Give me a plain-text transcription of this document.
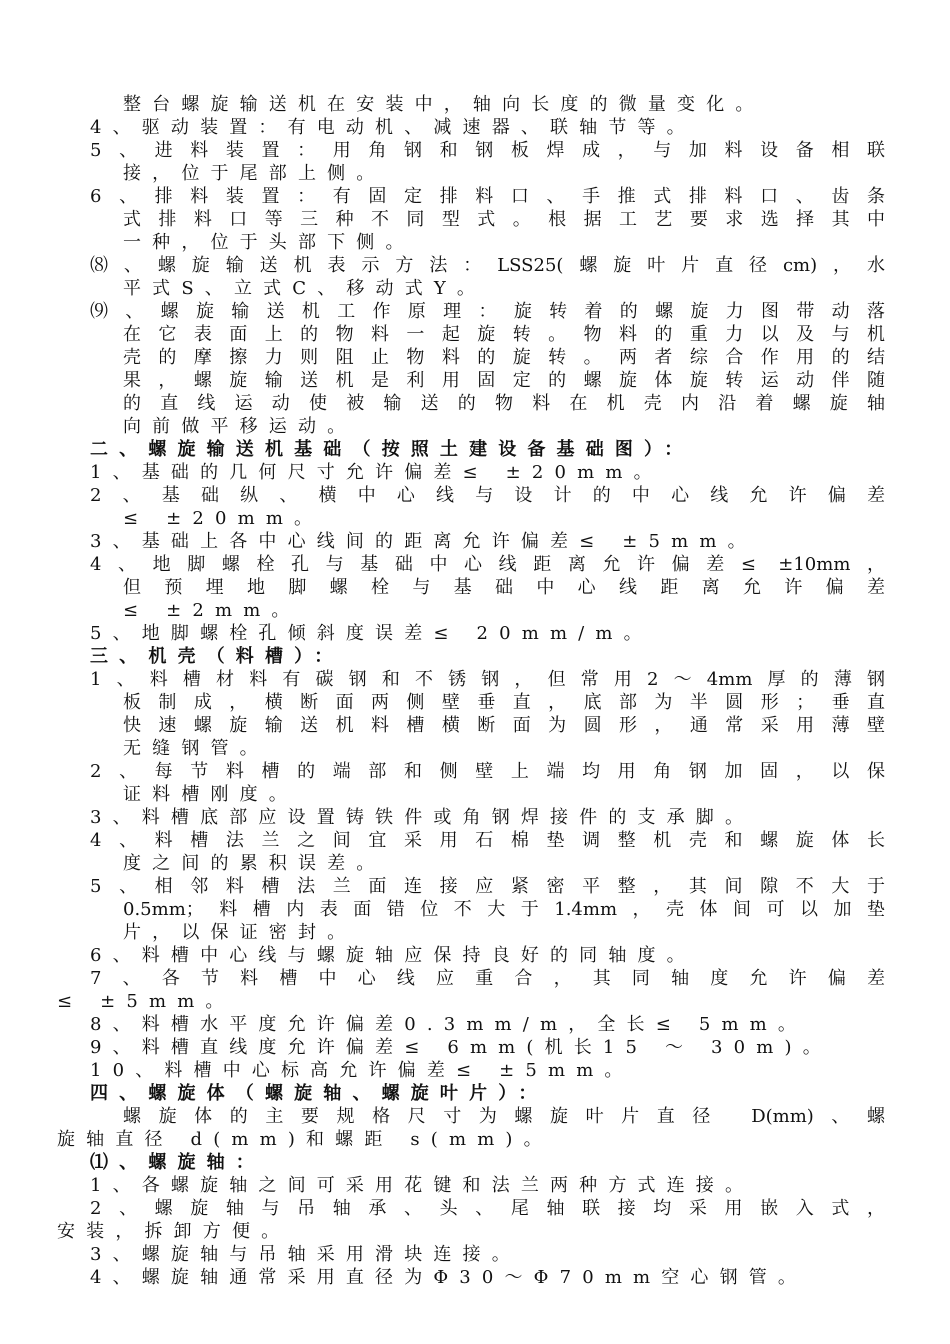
整台螺旋输送机在安装中，轴向长度的微量变化。
4、驱动装置：有电动机、减速器、联轴节等。
5、进料装置：用角钢和钢板焊成，与加料设备相联
接，位于尾部上侧。
6、排料装置：有固定排料口、手推式排料口、齿条
式排料口等三种不同型式。根据工艺要求选择其中
一种，位于头部下侧。
⑻、螺旋输送机表示方法：LSS25(螺旋叶片直径cm)，水
平式S、立式C、移动式Y。
⑼、螺旋输送机工作原理：旋转着的螺旋力图带动落
在它表面上的物料一起旋转。物料的重力以及与机
壳的摩擦力则阻止物料的旋转。两者综合作用的结
果，螺旋输送机是利用固定的螺旋体旋转运动伴随
的直线运动使被输送的物料在机壳内沿着螺旋轴
向前做平移运动。
二、螺旋输送机基础（按照土建设备基础图）：
1、基础的几何尺寸允许偏差≤ ±20mm。
2、基础纵、横中心线与设计的中心线允许偏差
≤ ±20mm。
3、基础上各中心线间的距离允许偏差≤ ±5mm。
4、地脚螺栓孔与基础中心线距离允许偏差≤ ±10mm，
但预埋地脚螺栓与基础中心线距离允许偏差
≤ ±2mm。
5、地脚螺栓孔倾斜度误差≤ 20mm/m。
三、机壳（料槽）：
1、料槽材料有碳钢和不锈钢，但常用2～4mm厚的薄钢
板制成，横断面两侧壁垂直，底部为半圆形；垂直
快速螺旋输送机料槽横断面为圆形，通常采用薄壁
无缝钢管。
2、每节料槽的端部和侧壁上端均用角钢加固，以保
证料槽刚度。
3、料槽底部应设置铸铁件或角钢焊接件的支承脚。
4、料槽法兰之间宜采用石棉垫调整机壳和螺旋体长
度之间的累积误差。
5、相邻料槽法兰面连接应紧密平整，其间隙不大于
0.5mm；料槽内表面错位不大于1.4mm，壳体间可以加垫
片，以保证密封。
6、料槽中心线与螺旋轴应保持良好的同轴度。
7、各节料槽中心线应重合，其同轴度允许偏差
≤ ±5mm。
8、料槽水平度允许偏差0.3mm/m，全长≤ 5mm。
9、料槽直线度允许偏差≤ 6mm(机长15 ～ 30m)。
10、料槽中心标高允许偏差≤ ±5mm。
四、螺旋体（螺旋轴、螺旋叶片）：
螺旋体的主要规格尺寸为螺旋叶片直径 D(mm)、螺
旋轴直径 d(mm)和螺距 s(mm)。
⑴、螺旋轴：
1、各螺旋轴之间可采用花键和法兰两种方式连接。
2、螺旋轴与吊轴承、头、尾轴联接均采用嵌入式，
安装，拆卸方便。
3、螺旋轴与吊轴采用滑块连接。
4、螺旋轴通常采用直径为Φ30～Φ70mm空心钢管。
